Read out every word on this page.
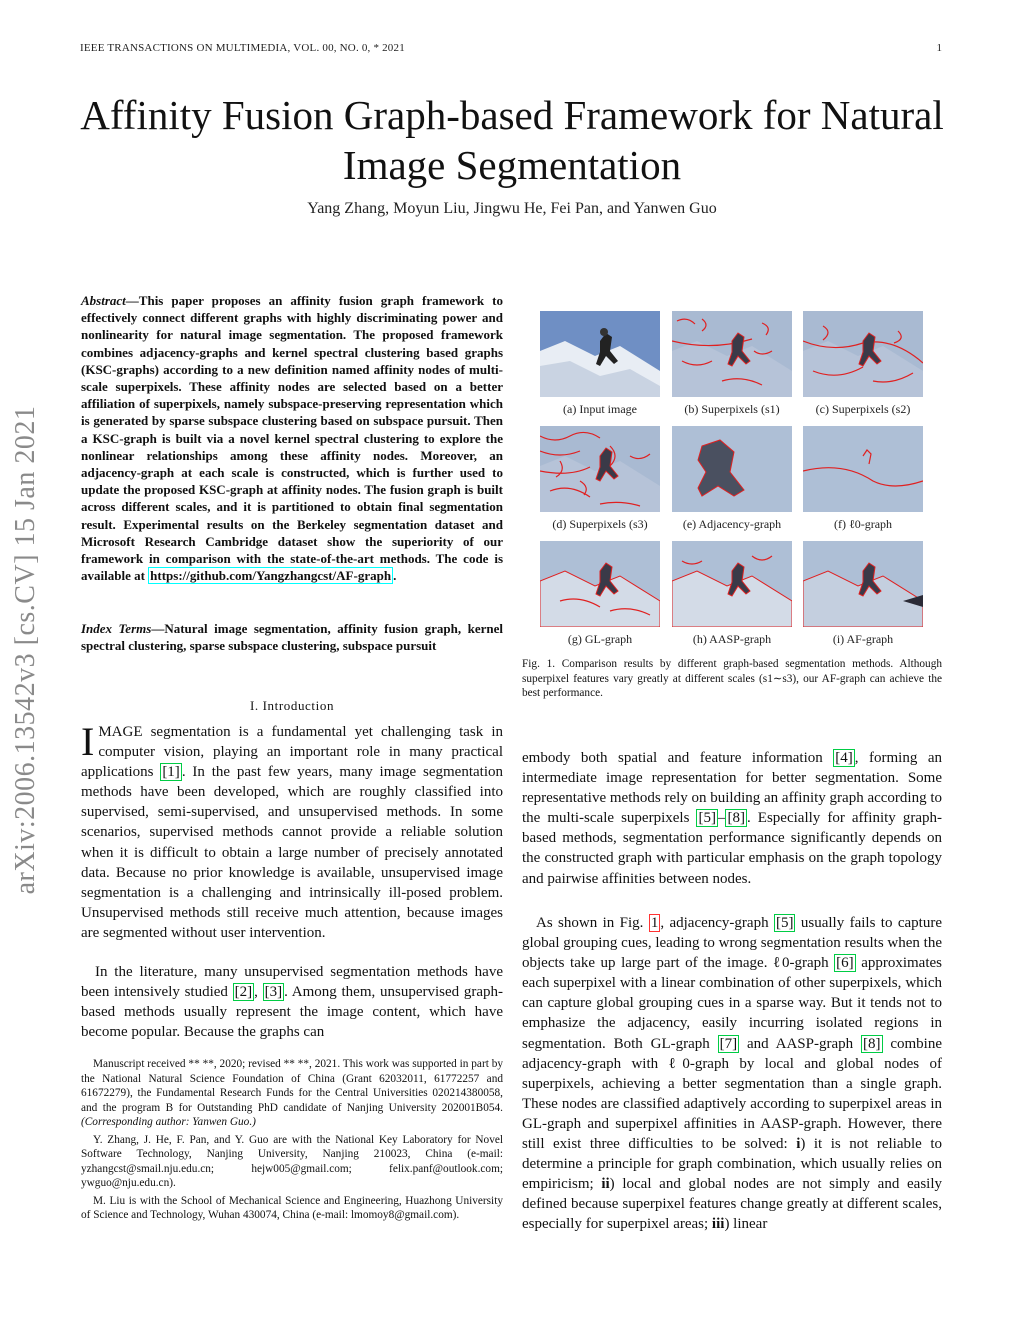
IEEE TRANSACTIONS ON MULTIMEDIA, VOL. 00, NO. 0, * 2021	1
Affinity Fusion Graph-based Framework for Natural
Image Segmentation
Yang Zhang, Moyun Liu, Jingwu He, Fei Pan, and Yanwen Guo
arXiv:2006.13542v3 [cs.CV] 15 Jan 2021
Abstract—This paper proposes an affinity fusion graph framework to effectively connect different graphs with highly discriminating power and nonlinearity for natural image segmentation. The proposed framework combines adjacency-graphs and kernel spectral clustering based graphs (KSC-graphs) according to a new definition named affinity nodes of multi-scale superpixels. These affinity nodes are selected based on a better affiliation of superpixels, namely subspace-preserving representation which is generated by sparse subspace clustering based on subspace pursuit. Then a KSC-graph is built via a novel kernel spectral clustering to explore the nonlinear relationships among these affinity nodes. Moreover, an adjacency-graph at each scale is constructed, which is further used to update the proposed KSC-graph at affinity nodes. The fusion graph is built across different scales, and it is partitioned to obtain final segmentation result. Experimental results on the Berkeley segmentation dataset and Microsoft Research Cambridge dataset show the superiority of our framework in comparison with the state-of-the-art methods. The code is available at https://github.com/Yangzhangcst/AF-graph .
Index Terms—Natural image segmentation, affinity fusion graph, kernel spectral clustering, sparse subspace clustering, subspace pursuit
I. Introduction
IMAGE segmentation is a fundamental yet challenging task in computer vision, playing an important role in many practical applications [1] . In the past few years, many image segmentation methods have been developed, which are roughly classified into supervised, semi-supervised, and unsupervised methods. In some scenarios, supervised methods cannot provide a reliable solution when it is difficult to obtain a large number of precisely annotated data. Because no prior knowledge is available, unsupervised image segmentation is a challenging and intrinsically ill-posed problem. Unsupervised methods still receive much attention, because images are segmented without user intervention.
In the literature, many unsupervised segmentation methods have been intensively studied [2] , [3] . Among them, unsupervised graph-based methods usually represent the image content, which have become popular. Because the graphs can

Manuscript received ** **, 2020; revised ** **, 2021. This work was supported in part by the National Natural Science Foundation of China (Grant 62032011, 61772257 and 61672279), the Fundamental Research Funds for the Central Universities 020214380058, and the program B for Outstanding PhD candidate of Nanjing University 202001B054. (Corresponding author: Yanwen Guo.)

Y. Zhang, J. He, F. Pan, and Y. Guo are with the National Key Laboratory for Novel Software Technology, Nanjing University, Nanjing 210023, China (e-mail: yzhangcst@smail.nju.edu.cn; hejw005@gmail.com; felix.panf@outlook.com; ywguo@nju.edu.cn).

M. Liu is with the School of Mechanical Science and Engineering, Huazhong University of Science and Technology, Wuhan 430074, China (e-mail: lmomoy8@gmail.com).

(a) Input image	(b) Superpixels (s1)	(c) Superpixels (s2)
(d) Superpixels (s3)	(e) Adjacency-graph	(f) ℓ0-graph
(g) GL-graph	(h) AASP-graph	(i) AF-graph
Fig. 1. Comparison results by different graph-based segmentation methods. Although superpixel features vary greatly at different scales (s1∼s3), our AF-graph can achieve the best performance.
embody both spatial and feature information [4] , forming an intermediate image representation for better segmentation. Some representative methods rely on building an affinity graph according to the multi-scale superpixels [5] – [8] . Especially for affinity graph-based methods, segmentation performance significantly depends on the constructed graph with particular emphasis on the graph topology and pairwise affinities between nodes.
As shown in Fig. 1 , adjacency-graph [5] usually fails to capture global grouping cues, leading to wrong segmentation results when the objects take up large part of the image. ℓ0-graph [6] approximates each superpixel with a linear combination of other superpixels, which can capture global grouping cues in a sparse way. But it tends not to emphasize the adjacency, easily incurring isolated regions in segmentation. Both GL-graph [7] and AASP-graph [8] combine adjacency-graph with ℓ0-graph by local and global nodes of superpixels, achieving a better segmentation than a single graph. These nodes are classified adaptively according to superpixel areas in GL-graph and superpixel affinities in AASP-graph. However, there still exist three difficulties to be solved: i) it is not reliable to determine a principle for graph combination, which usually relies on empiricism; ii) local and global nodes are not simply and easily defined because superpixel features change greatly at different scales, especially for superpixel areas; iii) linear
